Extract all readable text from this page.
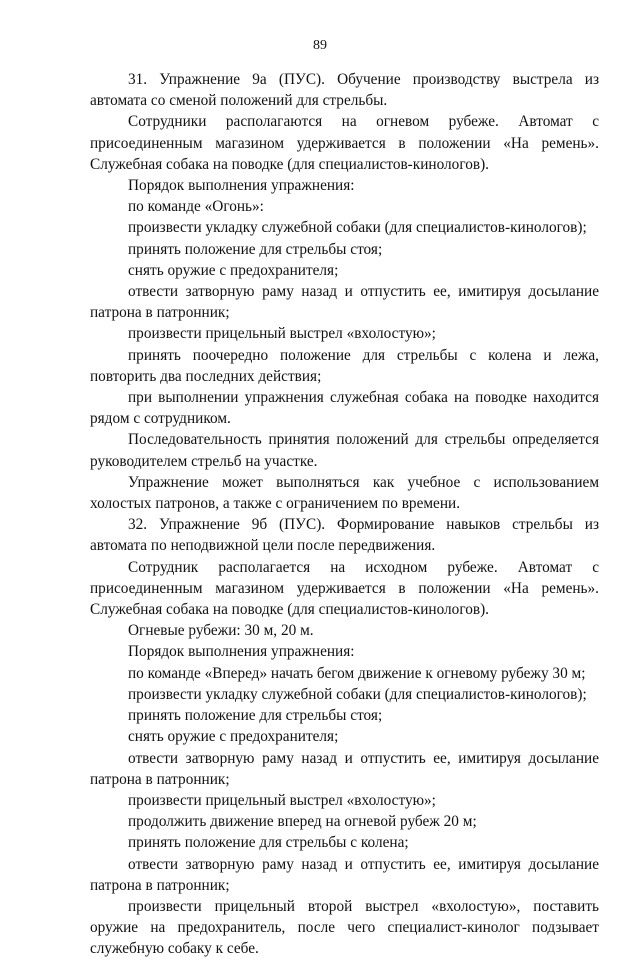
89

31. Упражнение 9а (ПУС). Обучение производству выстрела из автомата со сменой положений для стрельбы.

Сотрудники располагаются на огневом рубеже. Автомат с присоединенным магазином удерживается в положении «На ремень». Служебная собака на поводке (для специалистов-кинологов).

Порядок выполнения упражнения:

по команде «Огонь»:

произвести укладку служебной собаки (для специалистов-кинологов);

принять положение для стрельбы стоя;

снять оружие с предохранителя;

отвести затворную раму назад и отпустить ее, имитируя досылание патрона в патронник;

произвести прицельный выстрел «вхолостую»;

принять поочередно положение для стрельбы с колена и лежа, повторить два последних действия;

при выполнении упражнения служебная собака на поводке находится рядом с сотрудником.

Последовательность принятия положений для стрельбы определяется руководителем стрельб на участке.

Упражнение может выполняться как учебное с использованием холостых патронов, а также с ограничением по времени.

32. Упражнение 9б (ПУС). Формирование навыков стрельбы из автомата по неподвижной цели после передвижения.

Сотрудник располагается на исходном рубеже. Автомат с присоединенным магазином удерживается в положении «На ремень». Служебная собака на поводке (для специалистов-кинологов).

Огневые рубежи: 30 м, 20 м.

Порядок выполнения упражнения:

по команде «Вперед» начать бегом движение к огневому рубежу 30 м;

произвести укладку служебной собаки (для специалистов-кинологов);

принять положение для стрельбы стоя;

снять оружие с предохранителя;

отвести затворную раму назад и отпустить ее, имитируя досылание патрона в патронник;

произвести прицельный выстрел «вхолостую»;

продолжить движение вперед на огневой рубеж 20 м;

принять положение для стрельбы с колена;

отвести затворную раму назад и отпустить ее, имитируя досылание патрона в патронник;

произвести прицельный второй выстрел «вхолостую», поставить оружие на предохранитель, после чего специалист-кинолог подзывает служебную собаку к себе.
